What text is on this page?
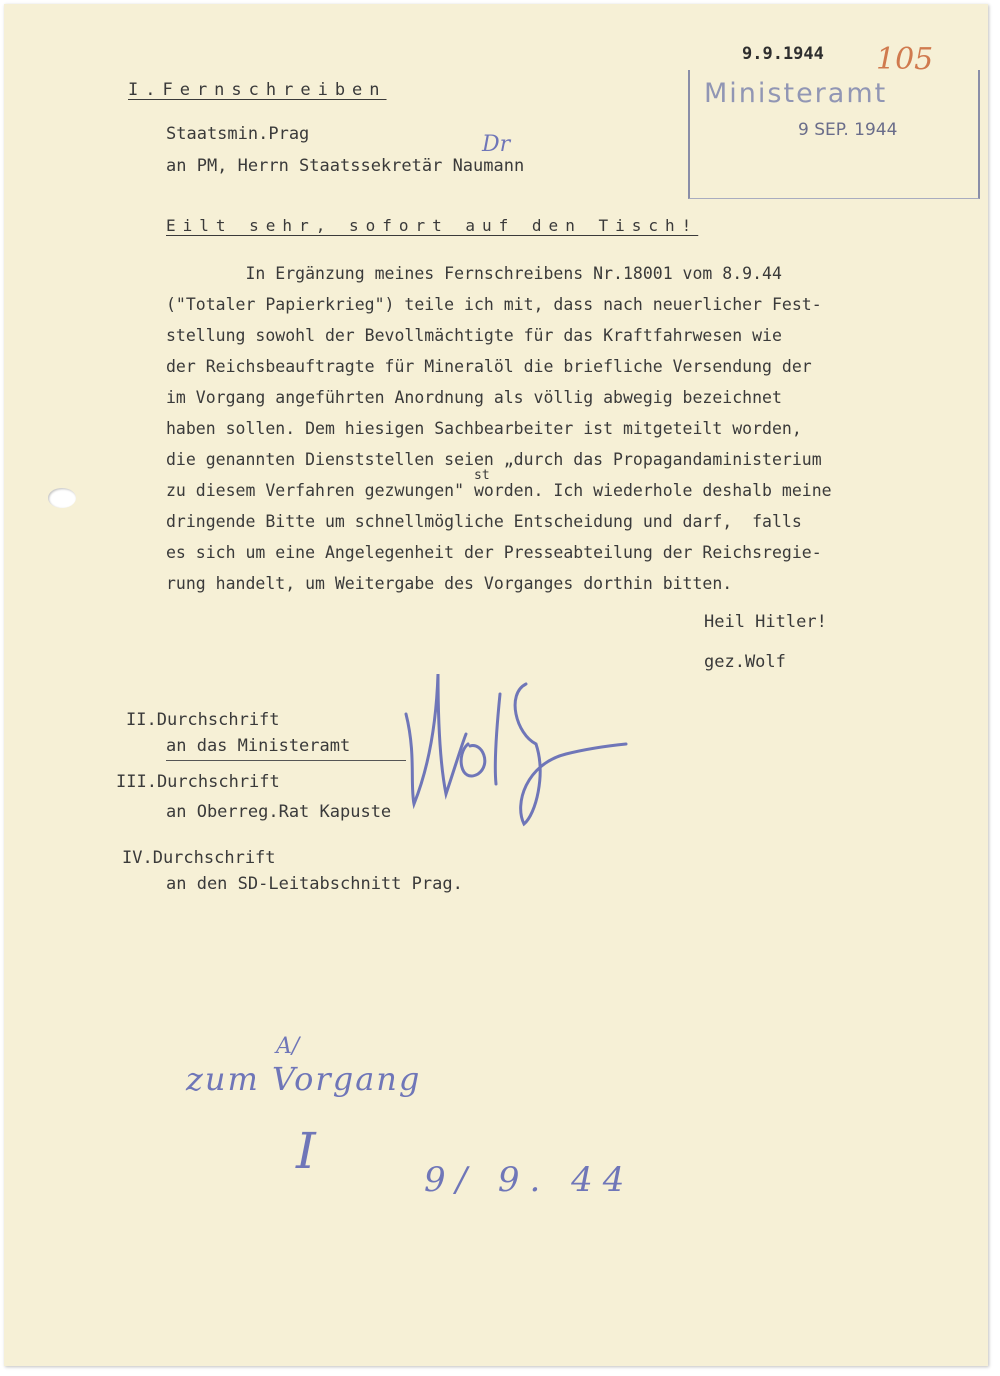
105
9.9.1944
Ministeramt
9 SEP. 1944
I.Fernschreiben
Staatsmin.Prag
an PM, Herrn Staatssekretär Naumann
Dr
Eilt sehr, sofort auf den Tisch!
In Ergänzung meines Fernschreibens Nr.18001 vom 8.9.44
("Totaler Papierkrieg") teile ich mit, dass nach neuerlicher Fest-
stellung sowohl der Bevollmächtigte für das Kraftfahrwesen wie
der Reichsbeauftragte für Mineralöl die briefliche Versendung der
im Vorgang angeführten Anordnung als völlig abwegig bezeichnet
haben sollen. Dem hiesigen Sachbearbeiter ist mitgeteilt worden,
die genannten Dienststellen seien „durch das Propagandaministerium
zu diesem Verfahren gezwungen" worden. Ich wiederhole deshalb meine
st
dringende Bitte um schnellmögliche Entscheidung und darf,  falls
es sich um eine Angelegenheit der Presseabteilung der Reichsregie-
rung handelt, um Weitergabe des Vorganges dorthin bitten.
Heil Hitler!
gez.Wolf
II.Durchschrift
an das Ministeramt
III.Durchschrift
an Oberreg.Rat Kapuste
IV.Durchschrift
an den SD-Leitabschnitt Prag.
A/
zum Vorgang
I	9/ 9. 44
